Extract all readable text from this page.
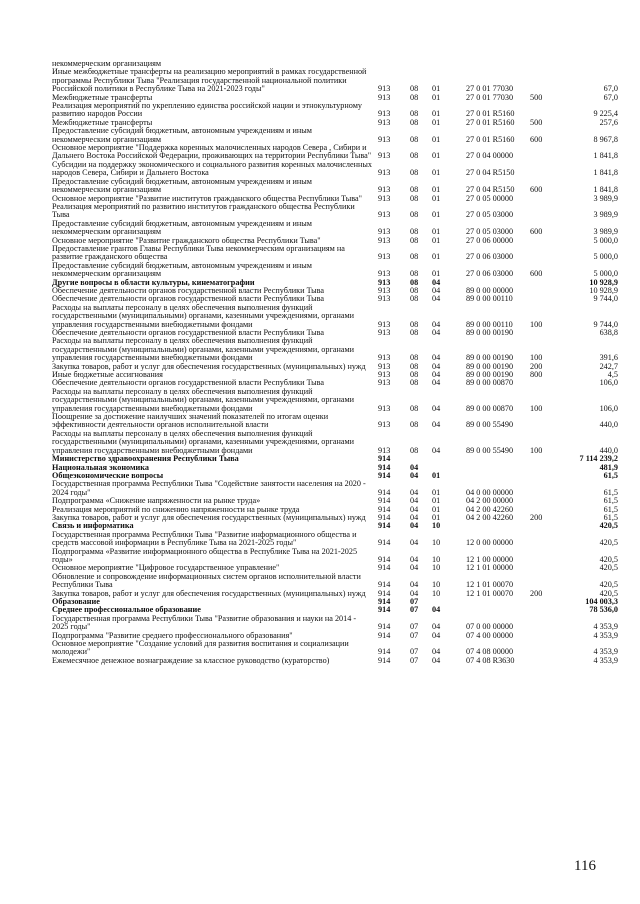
некоммерческим организациям						
Иные межбюджетные трансферты на реализацию мероприятий в рамках государственной программы Республики Тыва "Реализация государственной национальной политики Российской политики в Республике Тыва на 2021-2023 годы"	913	08	01	27 0 01 77030		67,0
Межбюджетные трансферты	913	08	01	27 0 01 77030	500	67,0
Реализация мероприятий по укреплению единства российской нации и этнокультурному развитию народов России	913	08	01	27 0 01 R5160		9 225,4
Межбюджетные трансферты	913	08	01	27 0 01 R5160	500	257,6
Предоставление субсидий бюджетным, автономным учреждениям и иным некоммерческим организациям	913	08	01	27 0 01 R5160	600	8 967,8
Основное мероприятие "Поддержка коренных малочисленных народов Севера , Сибири и Дальнего Востока Российской Федерации, проживающих на территории Республики Тыва"	913	08	01	27 0 04 00000		1 841,8
Субсидии на поддержку экономического и социального развития коренных малочисленных народов Севера, Сибири и Дальнего Востока	913	08	01	27 0 04 R5150		1 841,8
Предоставление субсидий бюджетным, автономным учреждениям и иным некоммерческим организациям	913	08	01	27 0 04 R5150	600	1 841,8
Основное мероприятие "Развитие институтов гражданского общества Республики Тыва"	913	08	01	27 0 05 00000		3 989,9
Реализация мероприятий по развитию институтов гражданского общества Республики Тыва	913	08	01	27 0 05 03000		3 989,9
Предоставление субсидий бюджетным, автономным учреждениям и иным некоммерческим организациям	913	08	01	27 0 05 03000	600	3 989,9
Основное мероприятие "Развитие гражданского общества Республики Тыва"	913	08	01	27 0 06 00000		5 000,0
Предоставление грантов Главы Республики Тыва некоммерческим организациям на развитие гражданского общества	913	08	01	27 0 06 03000		5 000,0
Предоставление субсидий бюджетным, автономным учреждениям и иным некоммерческим организациям	913	08	01	27 0 06 03000	600	5 000,0
Другие вопросы в области культуры, кинематографии	913	08	04			10 928,9
Обеспечение деятельности органов государственной власти Республики Тыва	913	08	04	89 0 00 00000		10 928,9
Обеспечение деятельности органов государственной власти Республики Тыва	913	08	04	89 0 00 00110		9 744,0
Расходы на выплаты персоналу в целях обеспечения выполнения функций государственными (муниципальными) органами, казенными учреждениями, органами управления государственными внебюджетными фондами	913	08	04	89 0 00 00110	100	9 744,0
Обеспечение деятельности органов государственной власти Республики Тыва	913	08	04	89 0 00 00190		638,8
Расходы на выплаты персоналу в целях обеспечения выполнения функций государственными (муниципальными) органами, казенными учреждениями, органами управления государственными внебюджетными фондами	913	08	04	89 0 00 00190	100	391,6
Закупка товаров, работ и услуг для обеспечения государственных (муниципальных) нужд	913	08	04	89 0 00 00190	200	242,7
Иные бюджетные ассигнования	913	08	04	89 0 00 00190	800	4,5
Обеспечение деятельности органов государственной власти Республики Тыва	913	08	04	89 0 00 00870		106,0
Расходы на выплаты персоналу в целях обеспечения выполнения функций государственными (муниципальными) органами, казенными учреждениями, органами управления государственными внебюджетными фондами	913	08	04	89 0 00 00870	100	106,0
Поощрение за достижение наилучших значений показателей по итогам оценки эффективности деятельности органов исполнительной власти	913	08	04	89 0 00 55490		440,0
Расходы на выплаты персоналу в целях обеспечения выполнения функций государственными (муниципальными) органами, казенными учреждениями, органами управления государственными внебюджетными фондами	913	08	04	89 0 00 55490	100	440,0
Министерство здравоохранения Республики Тыва	914					7 114 239,2
Национальная экономика	914	04				481,9
Общеэкономические вопросы	914	04	01			61,5
Государственная программа Республики Тыва "Содействие занятости населения на 2020 - 2024 годы"	914	04	01	04 0 00 00000		61,5
Подпрограмма «Снижение напряженности на рынке труда»	914	04	01	04 2 00 00000		61,5
Реализация мероприятий по снижению напряженности на рынке труда	914	04	01	04 2 00 42260		61,5
Закупка товаров, работ и услуг для обеспечения государственных (муниципальных) нужд	914	04	01	04 2 00 42260	200	61,5
Связь и информатика	914	04	10			420,5
Государственная программа Республики Тыва "Развитие информационного общества и средств массовой информации в Республике Тыва на 2021-2025 годы"	914	04	10	12 0 00 00000		420,5
Подпрограмма «Развитие информационного общества в Республике Тыва на 2021-2025 годы»	914	04	10	12 1 00 00000		420,5
Основное мероприятие "Цифровое государственное управление"	914	04	10	12 1 01 00000		420,5
Обновление и сопровождение информационных систем органов исполнительной власти Республики Тыва	914	04	10	12 1 01 00070		420,5
Закупка товаров, работ и услуг для обеспечения государственных (муниципальных) нужд	914	04	10	12 1 01 00070	200	420,5
Образование	914	07				104 003,3
Среднее профессиональное образование	914	07	04			78 536,0
Государственная программа Республики Тыва "Развитие образования и науки на 2014 - 2025 годы"	914	07	04	07 0 00 00000		4 353,9
Подпрограмма "Развитие среднего профессионального образования"	914	07	04	07 4 00 00000		4 353,9
Основное мероприятие "Создание условий для развития воспитания и социализации молодежи"	914	07	04	07 4 08 00000		4 353,9
Ежемесячное денежное вознаграждение за классное руководство (кураторство)	914	07	04	07 4 08 R3630		4 353,9
116
